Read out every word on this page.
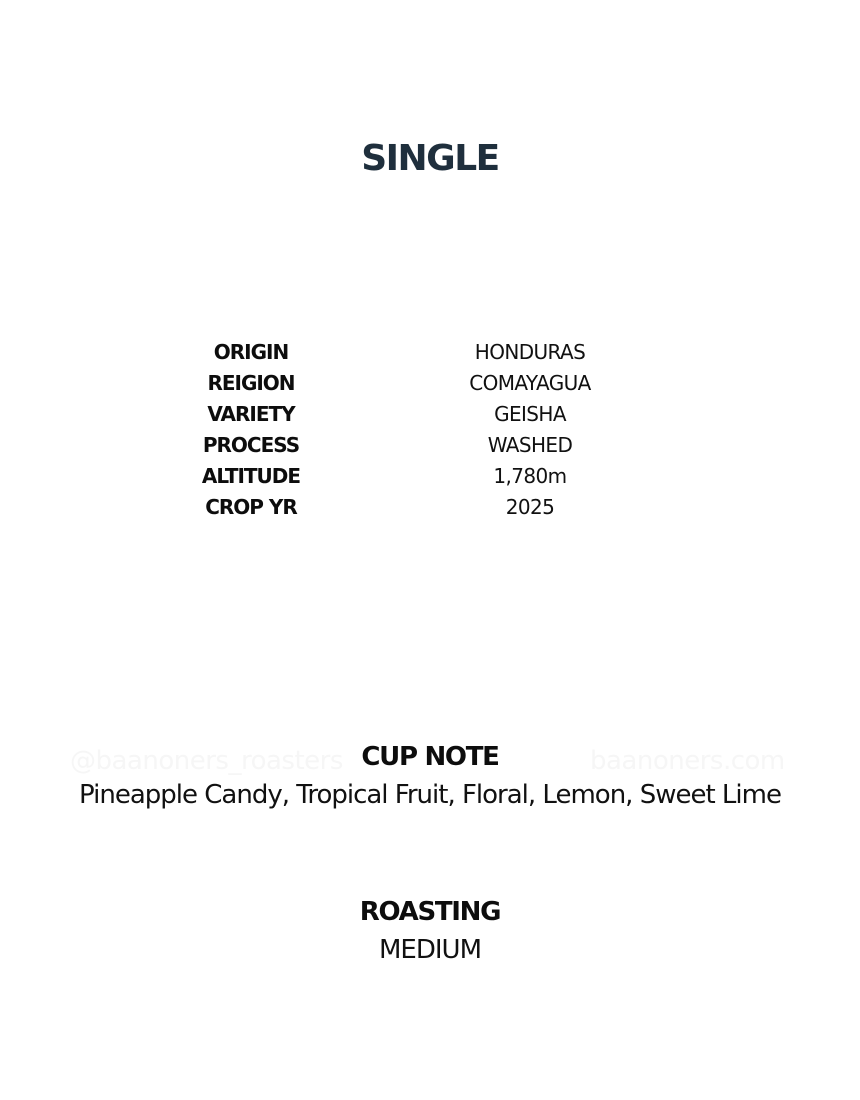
SINGLE
ORIGIN	HONDURAS
REIGION	COMAYAGUA
VARIETY	GEISHA
PROCESS	WASHED
ALTITUDE	1,780m
CROP YR	2025
@baanoners_roasters	baanoners.com
CUP NOTE
Pineapple Candy, Tropical Fruit, Floral, Lemon, Sweet Lime
ROASTING
MEDIUM
